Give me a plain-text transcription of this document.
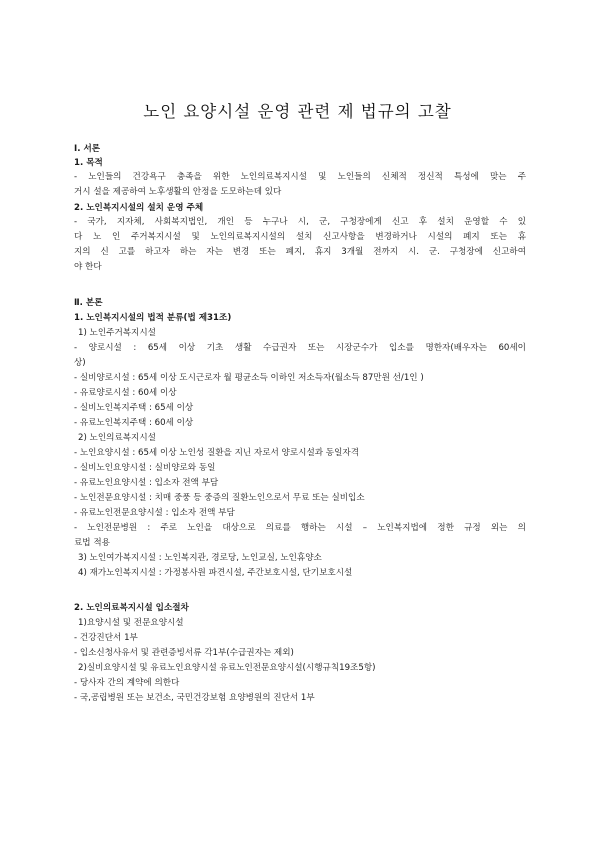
노인 요양시설 운영 관련 제 법규의 고찰
Ⅰ. 서론
1. 목적
- 노인들의 건강욕구 충족을 위한 노인의료복지시설 및 노인들의 신체적 정신적 특성에 맞는 주
거시 설을 제공하여 노후생활의 안정을 도모하는데 있다
2. 노인복지시설의 설치 운영 주체
- 국가, 지자체, 사회복지법인, 개인 등 누구나 시, 군, 구청장에게 신고 후 설치 운영할 수 있
다 노 인 주거복지시설 및 노인의료복지시설의 설치 신고사항을 변경하거나 시설의 폐지 또는 휴
지의 신 고를 하고자 하는 자는 변경 또는 폐지, 휴지 3개월 전까지 시. 군. 구청장에 신고하여
야 한다
Ⅱ. 본론
1. 노인복지시설의 법적 분류(법 제31조)
1) 노인주거복지시설
- 양로시설 : 65세 이상 기초 생활 수급권자 또는 시장군수가 입소를 명한자(배우자는 60세이
상)
- 실비양로시설 : 65세 이상 도시근로자 월 평균소득 이하인 저소득자(월소득 87만원 선/1인 )
- 유료양로시설 : 60세 이상
- 실비노인복지주택 : 65세 이상
- 유료노인복지주택 : 60세 이상
2) 노인의료복지시설
- 노인요양시설 : 65세 이상 노인성 질환을 지닌 자로서 양로시설과 동일자격
- 실비노인요양시설 : 실비양로와 동일
- 유료노인요양시설 : 입소자 전액 부담
- 노인전문요양시설 : 치매 중풍 등 중증의 질환노인으로서 무료 또는 실비입소
- 유료노인전문요양시설 : 입소자 전액 부담
- 노인전문병원 : 주로 노인을 대상으로 의료를 행하는 시설 – 노인복지법에 정한 규정 외는 의
료법 적용
3) 노인여가복지시설 : 노인복지관, 경로당, 노인교실, 노인휴양소
4) 재가노인복지시설 : 가정봉사원 파견시설, 주간보호시설, 단기보호시설
2. 노인의료복지시설 입소절차
1)요양시설 및 전문요양시설
- 건강진단서 1부
- 입소신청사유서 및 관련증빙서류 각1부(수급권자는 제외)
2)실비요양시설 및 유료노인요양시설 유료노인전문요양시설(시행규칙19조5항)
- 당사자 간의 계약에 의한다
- 국,공립병원 또는 보건소, 국민건강보험 요양병원의 진단서 1부
